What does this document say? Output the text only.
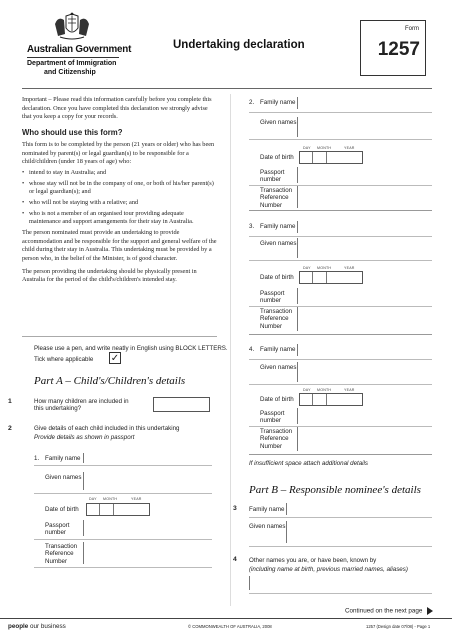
Australian Government
Department of Immigration
and Citizenship
Undertaking declaration
Form
1257
Important – Please read this information carefully before you complete this declaration. Once you have completed this declaration we strongly advise that you keep a copy for your records.
Who should use this form?
This form is to be completed by the person (21 years or older) who has been nominated by parent(s) or legal guardian(s) to be responsible for a child/children (under 18 years of age) who:
• intend to stay in Australia; and
• whose stay will not be in the company of one, or both of his/her parent(s) or legal guardian(s); and
• who will not be staying with a relative; and
• who is not a member of an organised tour providing adequate maintenance and support arrangements for their stay in Australia.
The person nominated must provide an undertaking to provide accommodation and be responsible for the support and general welfare of the child during their stay in Australia. This undertaking must be provided by a person who, in the belief of the Minister, is of good character.
The person providing the undertaking should be physically present in Australia for the period of the child's/children's intended stay.
Please use a pen, and write neatly in English using BLOCK LETTERS.
Tick where applicable ✓
Part A – Child's/Children's details
1	How many children are included in
this undertaking?
2	Give details of each child included in this undertaking
Provide details as shown in passport
1. Family name
Given names
DAY MONTH	YEAR
Date of birth
Passport
number
Transaction
Reference
Number
2. Family name
Given names
DAY MONTH	YEAR
Date of birth
Passport
number
Transaction
Reference
Number
3. Family name
Given names
DAY MONTH	YEAR
Date of birth
Passport
number
Transaction
Reference
Number
4. Family name
Given names
DAY MONTH	YEAR
Date of birth
Passport
number
Transaction
Reference
Number
If insufficient space attach additional details
Part B – Responsible nominee's details
3 Family name
Given names
4 Other names you are, or have been, known by
(including name at birth, previous married names, aliases)
Continued on the next page
people our business	© COMMONWEALTH OF AUSTRALIA, 2008	1257 (Design date 07/08) - Page 1
